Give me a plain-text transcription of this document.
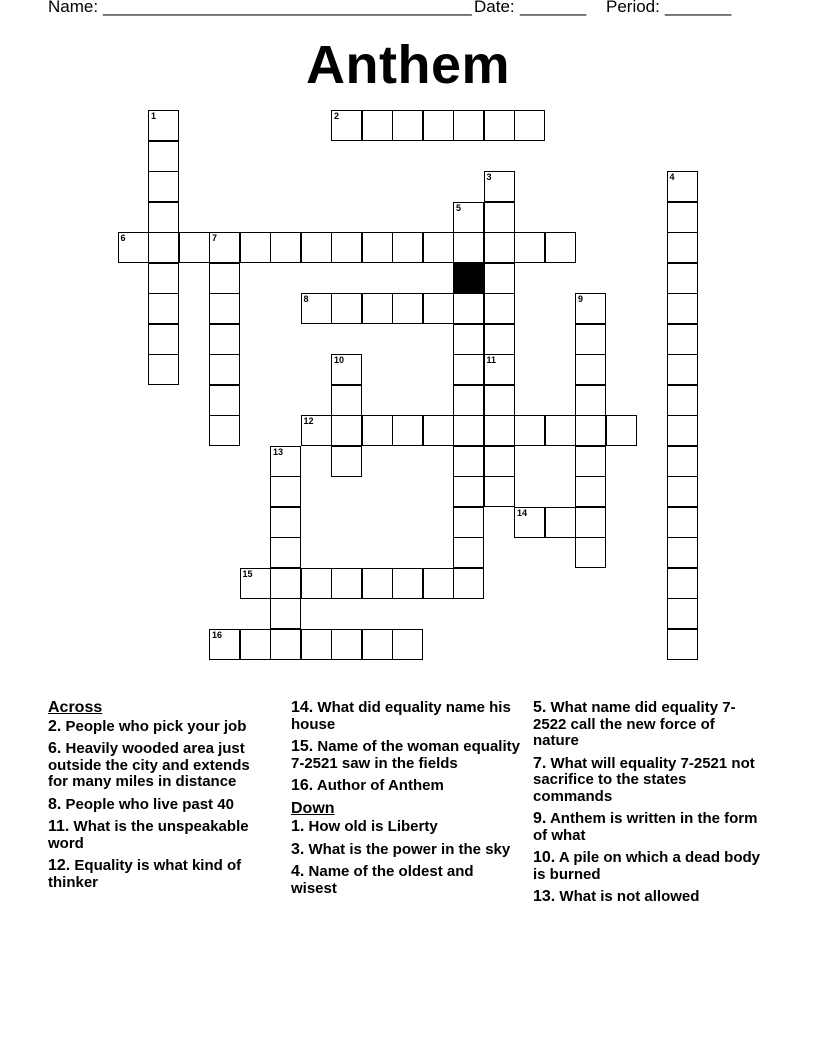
Name: _______________________________________ Date: _______ Period: _______
Anthem
1	2
3
11
4
5
6	7
8	9
10
12
13
14
15
16
Across
2. People who pick your job
6. Heavily wooded area just outside the city and extends for many miles in distance
8. People who live past 40
11. What is the unspeakable word
12. Equality is what kind of thinker
14. What did equality name his house
15. Name of the woman equality 7-2521 saw in the fields
16. Author of Anthem
Down
1. How old is Liberty
3. What is the power in the sky
4. Name of the oldest and wisest
5. What name did equality 7-2522 call the new force of nature
7. What will equality 7-2521 not sacrifice to the states commands
9. Anthem is written in the form of what
10. A pile on which a dead body is burned
13. What is not allowed
